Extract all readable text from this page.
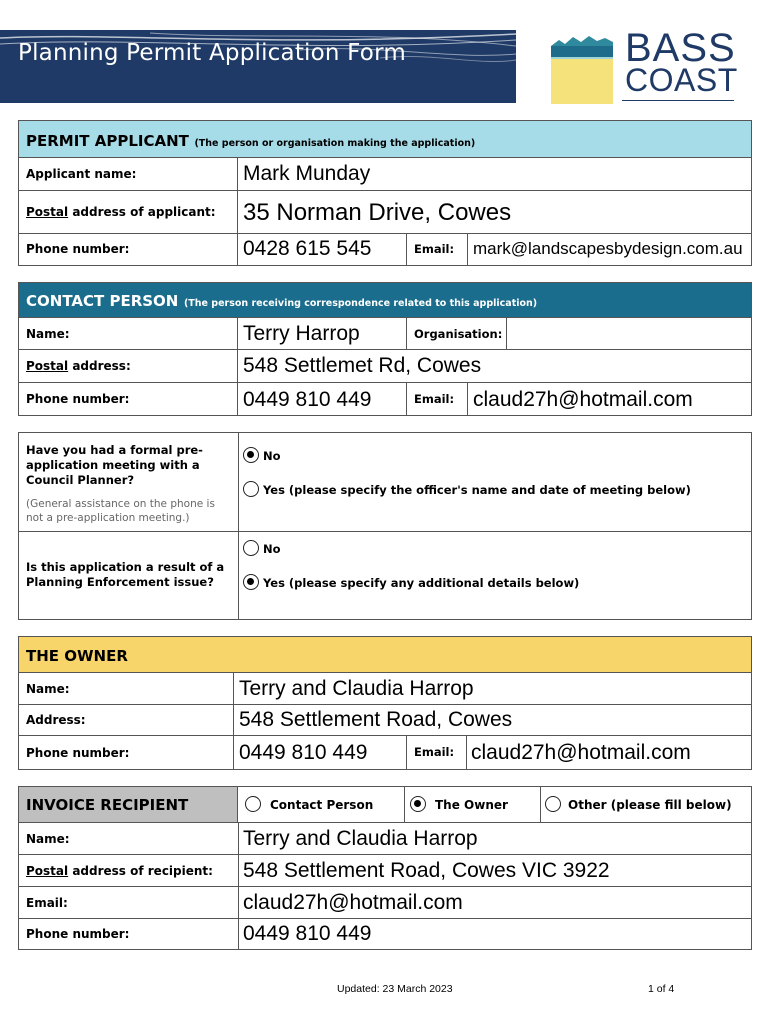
Planning Permit Application Form	BASS
COAST
PERMIT APPLICANT (The person or organisation making the application)
Applicant name:	Mark Munday
Postal address of applicant: 35 Norman Drive, Cowes
Phone number:	0428 615 545	Email: mark@landscapesbydesign.com.au
CONTACT PERSON (The person receiving correspondence related to this application)
Name:	Terry Harrop	Organisation:
Postal address:	548 Settlemet Rd, Cowes
Phone number:	0449 810 449	Email: claud27h@hotmail.com
Have you had a formal pre-
application meeting with a
Council Planner?
(General assistance on the phone is
not a pre-application meeting.)
No
Yes (please specify the officer's name and date of meeting below)
Is this application a result of a
Planning Enforcement issue?
No
Yes (please specify any additional details below)
THE OWNER
Name:	Terry and Claudia Harrop
Address:	548 Settlement Road, Cowes
Phone number:	0449 810 449	Email: claud27h@hotmail.com
INVOICE RECIPIENT	Contact Person	The Owner	Other (please fill below)
Name:	Terry and Claudia Harrop
Postal address of recipient: 548 Settlement Road, Cowes VIC 3922
Email:	claud27h@hotmail.com
Phone number:	0449 810 449
Updated: 23 March 2023	1 of 4
